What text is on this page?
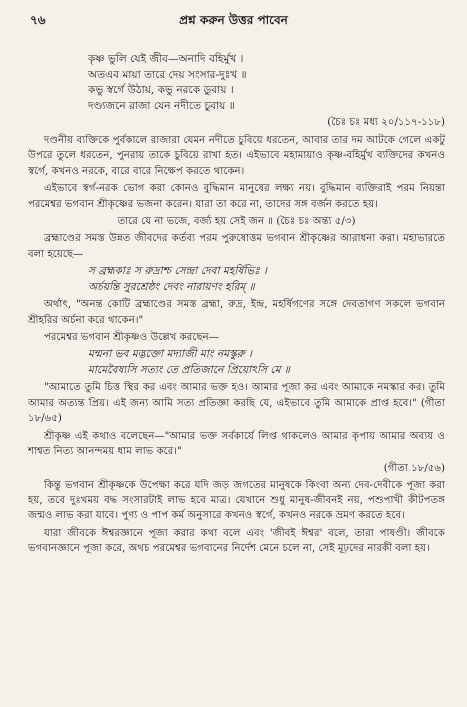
৭৬	প্রশ্ন করুন উত্তর পাবেন
কৃষ্ণ ভুলি যেই জীব—অনাদি বহির্মুখ ।
অতএব মায়া তারে দেয় সংসার-দুঃখ ॥
কভু স্বর্গে উঠায়, কভু নরকে ডুবায় ।
দণ্ড্যজনে রাজা যেন নদীতে চুবায় ॥
(চৈঃ চঃ মধ্য ২০/১১৭-১১৮)

দণ্ডনীয় ব্যক্তিকে পুর্বকালে রাজারা যেমন নদীতে চুবিয়ে ধরতেন, আবার তার দম আটকে গেলে একটু উপরে তুলে ধরতেন, পুনরায় তাকে চুবিয়ে রাখা হত। এইভাবে মহামায়াও কৃষ্ণ-বহির্মুখ ব্যক্তিদের কখনও স্বর্গে, কখনও নরকে, বারে বারে নিক্ষেপ করতে থাকেন।

এইভাবে স্বর্গ-নরক ভোগ করা কোনও বুদ্ধিমান মানুষের লক্ষ্য নয়। বুদ্ধিমান ব্যক্তিরাই পরম নিয়ন্তা পরমেশ্বর ভগবান শ্রীকৃষ্ণের ভজনা করেন। যারা তা করে না, তাদের সঙ্গ বর্জন করতে হয়।

তারে যে না ভজে, বর্জ্য হয় সেই জন ॥ (চৈঃ চঃ অন্ত্য ৫/৩)

ব্রহ্মাণ্ডের সমস্ত উন্নত জীবদের কর্তব্য পরম পুরুষোত্তম ভগবান শ্রীকৃষ্ণের আরাধনা করা। মহাভারতে বলা হয়েছে—

স ব্রহ্মকাঃ স রুদ্রাশ্চ সেন্দ্রা দেবা মহর্ষিভিঃ ।
অর্চয়ন্তি সুরশ্রেষ্ঠং দেবং নারায়ণং হরিম্ ॥

অর্থাৎ, "অনন্ত কোটি ব্রহ্মাণ্ডের সমস্ত ব্রহ্মা, রুদ্র, ইন্দ্র, মহর্ষিগণের সঙ্গে দেবতাগণ সকলে ভগবান শ্রীহরির অর্চনা করে থাকেন।"

পরমেশ্বর ভগবান শ্রীকৃষ্ণও উল্লেখ করছেন—

মন্মনা ভব মদ্ভক্তো মদ্যাজী মাং নমস্কুরু ।
মামেবৈষ্যসি সত্যং তে প্রতিজানে প্রিয়োঽসি মে ॥

"আমাতে তুমি চিত্ত স্থির কর এবং আমার ভক্ত হও। আমার পূজা কর এবং আমাকে নমস্কার কর। তুমি আমার অত্যন্ত প্রিয়। এই জন্য আমি সত্য প্রতিজ্ঞা করছি যে, এইভাবে তুমি আমাকে প্রাপ্ত হবে।" (গীতা ১৮/৬৫)

শ্রীকৃষ্ণ এই কথাও বলেছেন—"আমার ভক্ত সর্বকার্যে লিপ্ত থাকলেও আমার কৃপায় আমার অব্যয় ও শাশ্বত নিত্য আনন্দময় ধাম লাভ করে।"

(গীতা ১৮/৫৬)

কিন্তু ভগবান শ্রীকৃষ্ণকে উপেক্ষা করে যদি জড় জগতের মানুষকে কিংবা অন্য দেব-দেবীকে পূজা করা হয়, তবে দুঃখময় বদ্ধ সংসারটাই লাভ হবে মাত্র। যেখানে শুধু মানুষ-জীবনই নয়, পশুপাখী কীটপতঙ্গ জন্মও লাভ করা যাবে। পুণ্য ও পাপ কর্ম অনুসারে কখনও স্বর্গে, কখনও নরকে ভ্রমণ করতে হবে।

যারা জীবকে ঈশ্বরজ্ঞানে পূজা করার কথা বলে এবং 'জীবই ঈশ্বর' বলে, তারা পাষণ্ডী। জীবকে ভগবানজ্ঞানে পূজা করে, অথচ পরমেশ্বর ভগবানের নির্দেশ মেনে চলে না, সেই মূঢ়দের নারকী বলা হয়।
